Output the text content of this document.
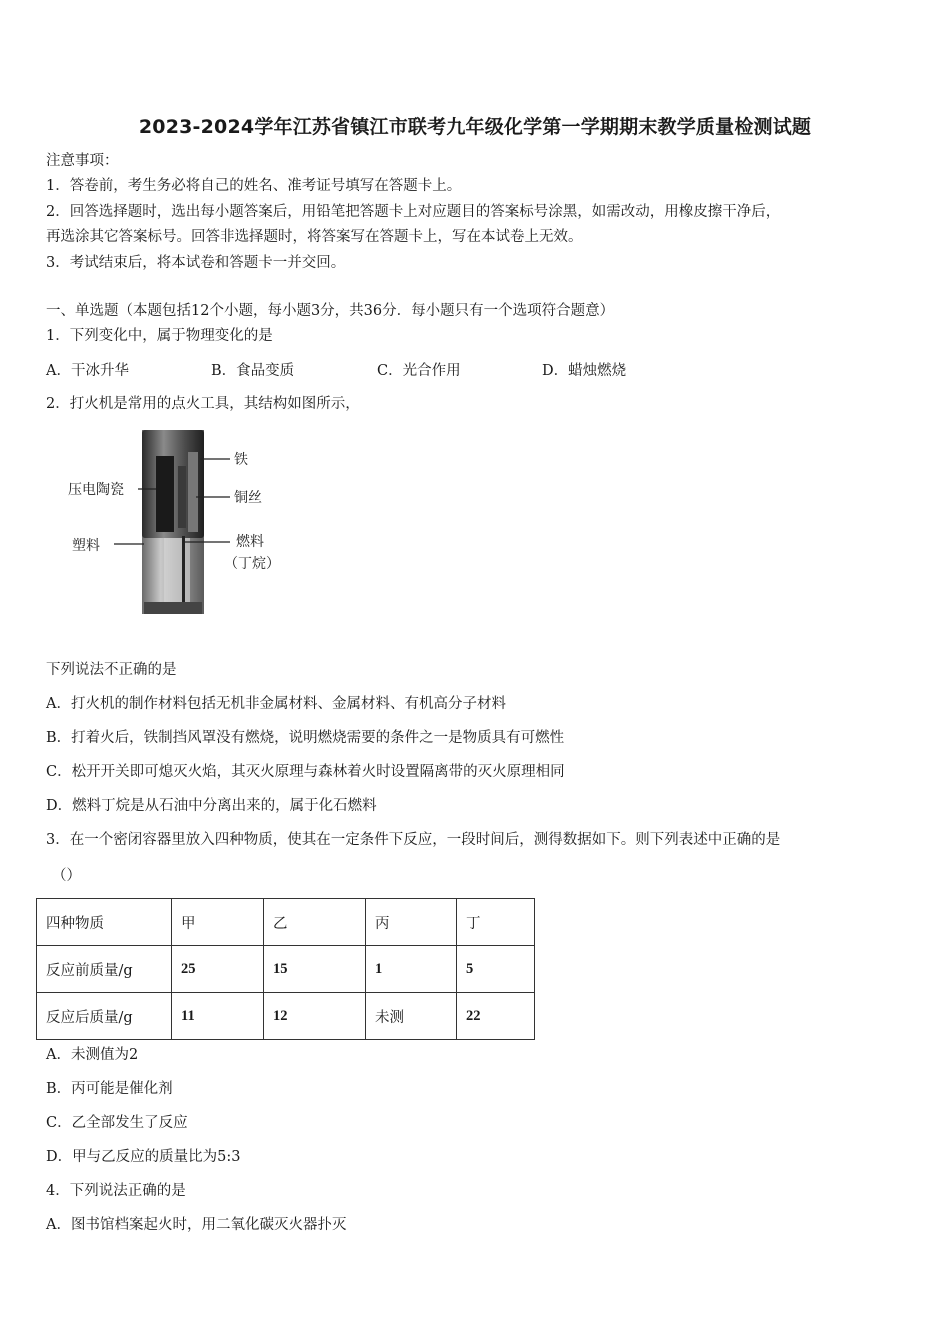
2023-2024学年江苏省镇江市联考九年级化学第一学期期末教学质量检测试题
注意事项：
1．答卷前，考生务必将自己的姓名、准考证号填写在答题卡上。
2．回答选择题时，选出每小题答案后，用铅笔把答题卡上对应题目的答案标号涂黑，如需改动，用橡皮擦干净后，
再选涂其它答案标号。回答非选择题时，将答案写在答题卡上，写在本试卷上无效。
3．考试结束后，将本试卷和答题卡一并交回。
一、单选题（本题包括12个小题，每小题3分，共36分．每小题只有一个选项符合题意）
1．下列变化中，属于物理变化的是
A．干冰升华	B．食品变质	C．光合作用	D．蜡烛燃烧
2．打火机是常用的点火工具，其结构如图所示，
铁
压电陶瓷	铜丝
塑料	燃料
（丁烷）
下列说法不正确的是
A．打火机的制作材料包括无机非金属材料、金属材料、有机高分子材料
B．打着火后，铁制挡风罩没有燃烧，说明燃烧需要的条件之一是物质具有可燃性
C．松开开关即可熄灭火焰，其灭火原理与森林着火时设置隔离带的灭火原理相同
D．燃料丁烷是从石油中分离出来的，属于化石燃料
3．在一个密闭容器里放入四种物质，使其在一定条件下反应，一段时间后，测得数据如下。则下列表述中正确的是
（）
四种物质	甲	乙	丙	丁
反应前质量/g	25	15	1	5
反应后质量/g	11	12	未测	22
A．未测值为2
B．丙可能是催化剂
C．乙全部发生了反应
D．甲与乙反应的质量比为5:3
4．下列说法正确的是
A．图书馆档案起火时，用二氧化碳灭火器扑灭
